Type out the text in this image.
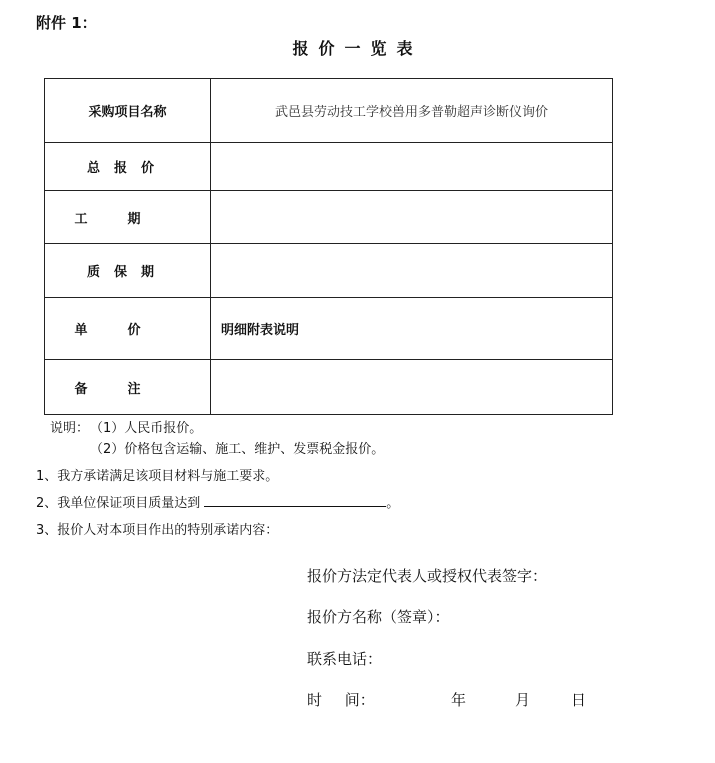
附件 1：
报价一览表
采购项目名称	武邑县劳动技工学校兽用多普勒超声诊断仪询价
总报价	
工期	
质保期	
单价	明细附表说明
备注	
说明： （1）人民币报价。
（2）价格包含运输、施工、维护、发票税金报价。
1、我方承诺满足该项目材料与施工要求。
2、我单位保证项目质量达到	。
3、报价人对本项目作出的特别承诺内容：
报价方法定代表人或授权代表签字：
报价方名称（签章）：
联系电话：
时 间：	年	月	日
